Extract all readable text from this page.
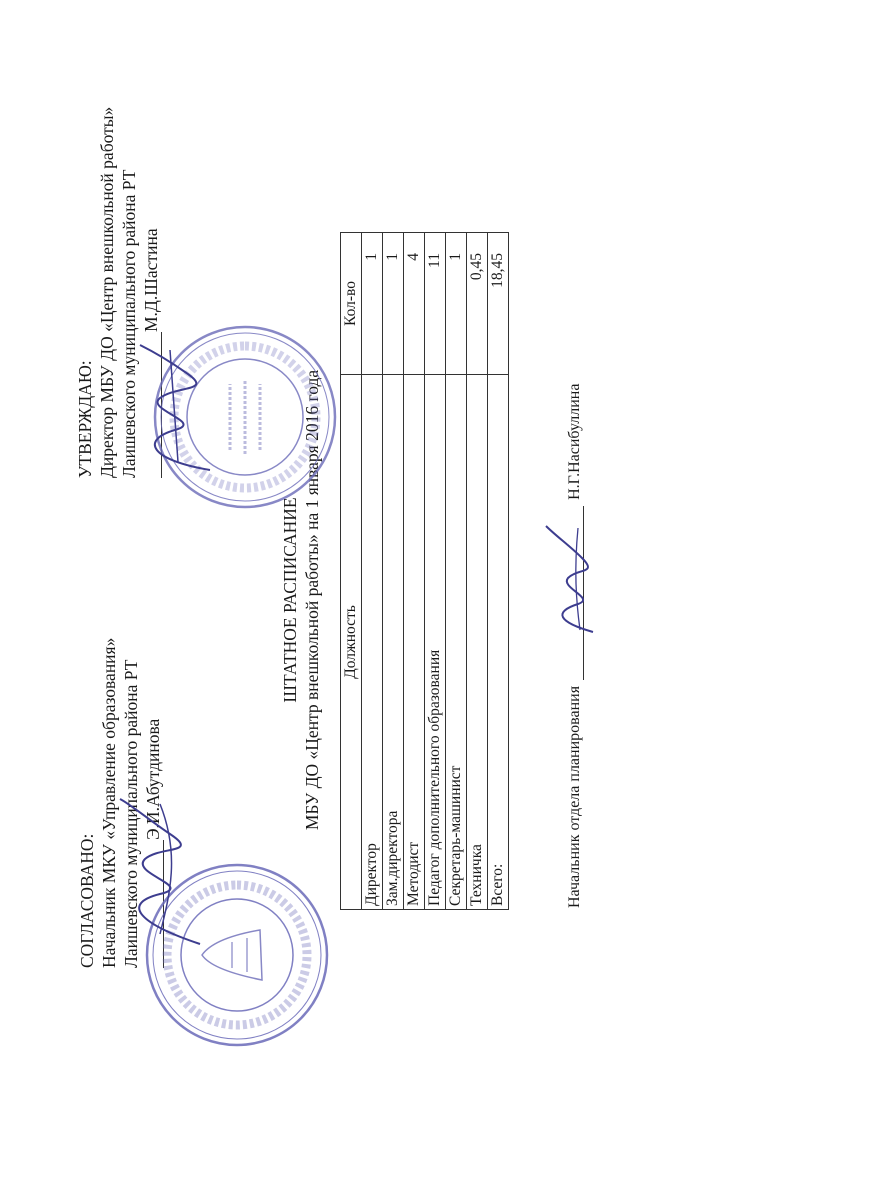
СОГЛАСОВАНО: Начальник МКУ «Управление образования» Лаишевского муниципального района РТ Э.И.Абутдинова
УТВЕРЖДАЮ: Директор МБУ ДО «Центр внешкольной работы» Лаишевского муниципального района РТ М.Д.Шастина
ШТАТНОЕ РАСПИСАНИЕ МБУ ДО «Центр внешкольной работы» на 1 января 2016 года Должность	Кол-во
Директор	1
Зам.директора	1
Методист	4
Педагог дополнительного образования	11
Секретарь-машинист	1
Техничка	0,45
Всего:	18,45
Начальник отдела планированияН.Г.Насибуллина
